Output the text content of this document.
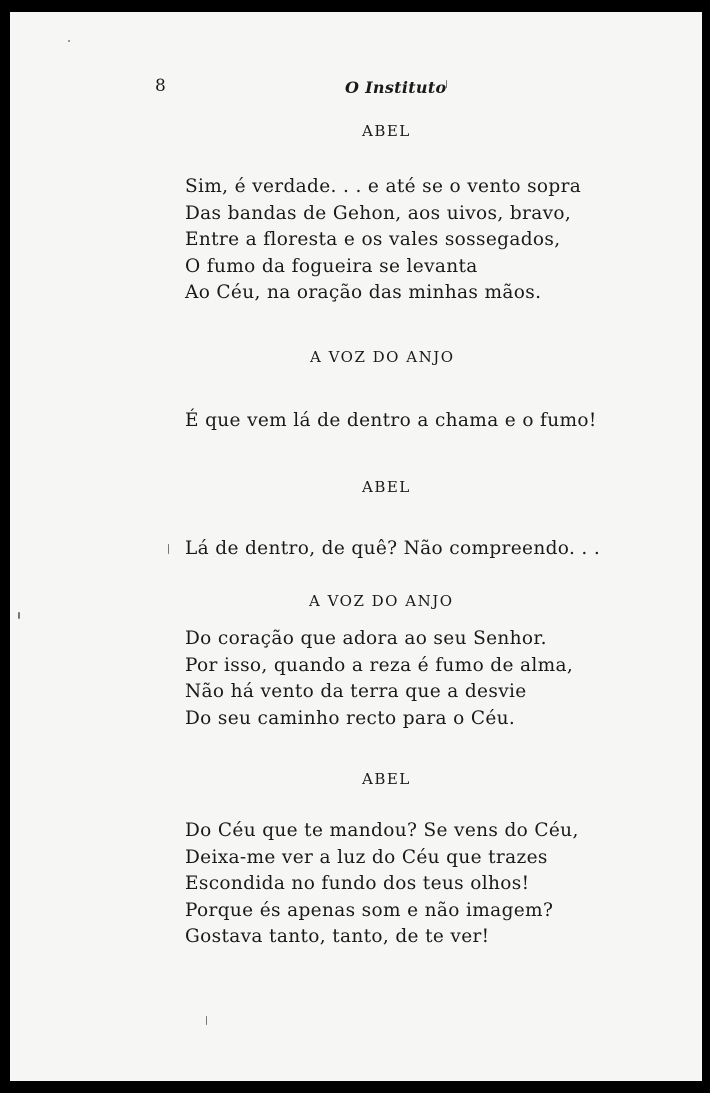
8	O Instituto
ABEL
Sim, é verdade. . . e até se o vento sopra
Das bandas de Gehon, aos uivos, bravo,
Entre a floresta e os vales sossegados,
O fumo da fogueira se levanta
Ao Céu, na oração das minhas mãos.
A VOZ DO ANJO
É que vem lá de dentro a chama e o fumo!
ABEL
Lá de dentro, de quê? Não compreendo. . .
A VOZ DO ANJO
Do coração que adora ao seu Senhor.
Por isso, quando a reza é fumo de alma,
Não há vento da terra que a desvie
Do seu caminho recto para o Céu.
ABEL
Do Céu que te mandou? Se vens do Céu,
Deixa-me ver a luz do Céu que trazes
Escondida no fundo dos teus olhos!
Porque és apenas som e não imagem?
Gostava tanto, tanto, de te ver!
